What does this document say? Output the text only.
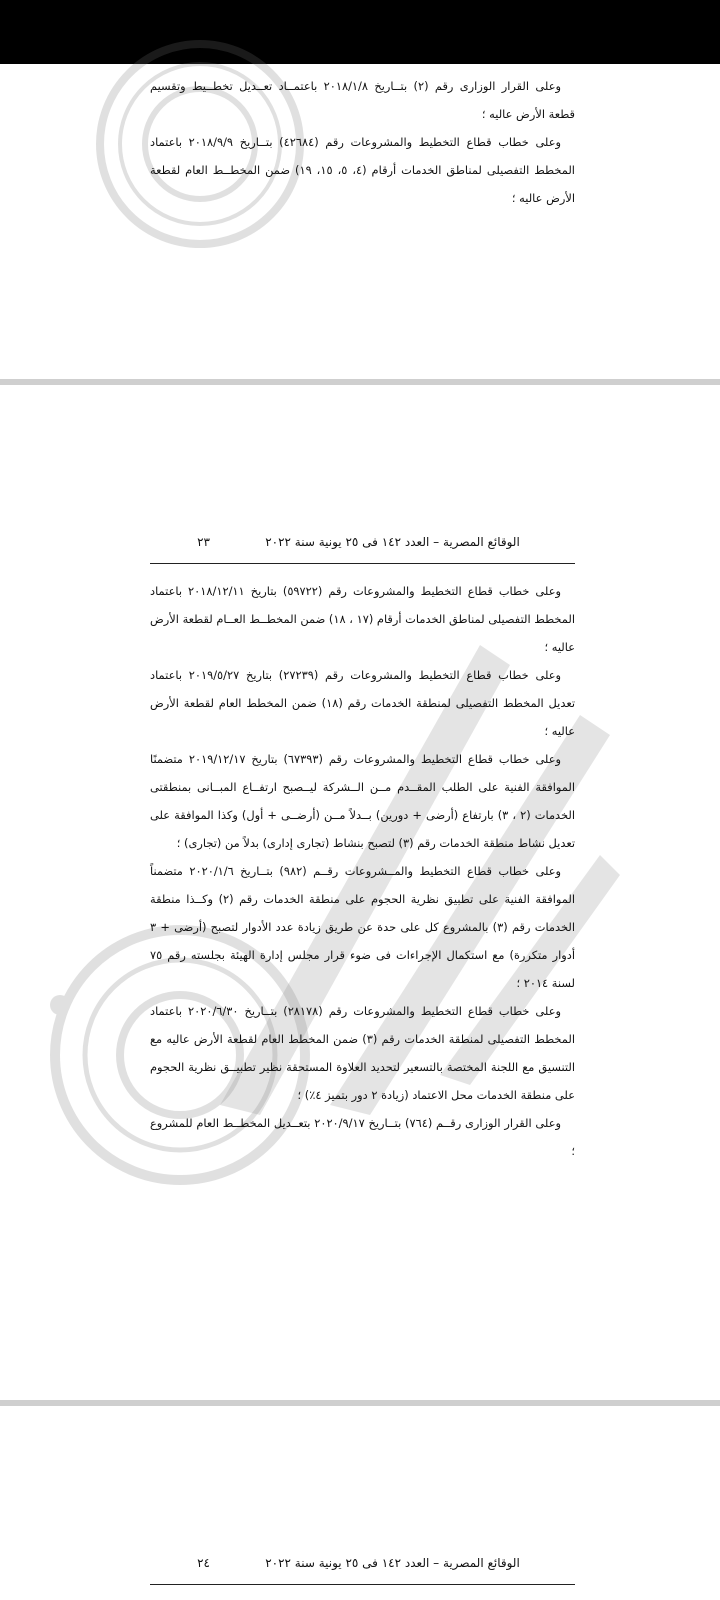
وعلى القرار الوزارى رقم (٢) بتــاريخ ٢٠١٨/١/٨ باعتمــاد تعــديل تخطــيط وتقسيم قطعة الأرض عاليه ؛

وعلى خطاب قطاع التخطيط والمشروعات رقم (٤٢٦٨٤) بتــاريخ ٢٠١٨/٩/٩ باعتماد المخطط التفصيلى لمناطق الخدمات أرقام (٤، ٥، ١٥، ١٩) ضمن المخطــط العام لقطعة الأرض عاليه ؛

الوقائع المصرية – العدد ١٤٢ فى ٢٥ يونية سنة ٢٠٢٢
٢٣

وعلى خطاب قطاع التخطيط والمشروعات رقم (٥٩٧٢٢) بتاريخ ٢٠١٨/١٢/١١ باعتماد المخطط التفصيلى لمناطق الخدمات أرقام (١٧ ، ١٨) ضمن المخطــط العــام لقطعة الأرض عاليه ؛

وعلى خطاب قطاع التخطيط والمشروعات رقم (٢٧٢٣٩) بتاريخ ٢٠١٩/٥/٢٧ باعتماد تعديل المخطط التفصيلى لمنطقة الخدمات رقم (١٨) ضمن المخطط العام لقطعة الأرض عاليه ؛

وعلى خطاب قطاع التخطيط والمشروعات رقم (٦٧٣٩٣) بتاريخ ٢٠١٩/١٢/١٧ متضمنًا الموافقة الفنية على الطلب المقــدم مــن الــشركة ليــصبح ارتفــاع المبــانى بمنطقتى الخدمات (٢ ، ٣) بارتفاع (أرضى + دورين) بــدلاً مــن (أرضــى + أول) وكذا الموافقة على تعديل نشاط منطقة الخدمات رقم (٣) لتصبح بنشاط (تجارى إدارى) بدلاً من (تجارى) ؛

وعلى خطاب قطاع التخطيط والمــشروعات رقــم (٩٨٢) بتــاريخ ٢٠٢٠/١/٦ متضمناً الموافقة الفنية على تطبيق نظرية الحجوم على منطقة الخدمات رقم (٢) وكــذا منطقة الخدمات رقم (٣) بالمشروع كل على حدة عن طريق زيادة عدد الأدوار لتصبح (أرضى + ٣ أدوار متكررة) مع استكمال الإجراءات فى ضوء قرار مجلس إدارة الهيئة بجلسته رقم ٧٥ لسنة ٢٠١٤ ؛

وعلى خطاب قطاع التخطيط والمشروعات رقم (٢٨١٧٨) بتــاريخ ٢٠٢٠/٦/٣٠ باعتماد المخطط التفصيلى لمنطقة الخدمات رقم (٣) ضمن المخطط العام لقطعة الأرض عاليه مع التنسيق مع اللجنة المختصة بالتسعير لتحديد العلاوة المستحقة نظير تطبيــق نظرية الحجوم على منطقة الخدمات محل الاعتماد (زيادة ٢ دور بتميز ٤٪) ؛

وعلى القرار الوزارى رقــم (٧٦٤) بتــاريخ ٢٠٢٠/٩/١٧ بتعــديل المخطــط العام للمشروع ؛

الوقائع المصرية – العدد ١٤٢ فى ٢٥ يونية سنة ٢٠٢٢
٢٤
